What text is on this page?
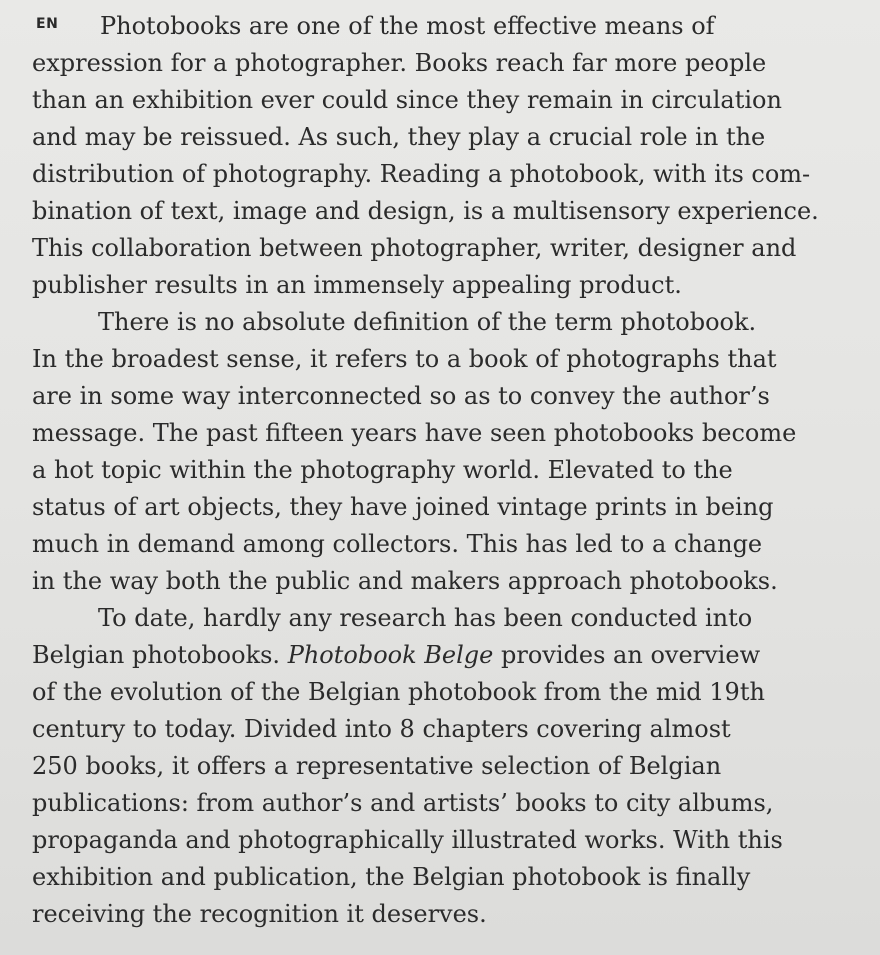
EN	Photobooks are one of the most effective means of
expression for a photographer. Books reach far more people
than an exhibition ever could since they remain in circulation
and may be reissued. As such, they play a crucial role in the
distribution of photography. Reading a photobook, with its com-
bination of text, image and design, is a multisensory experience.
This collaboration between photographer, writer, designer and
publisher results in an immensely appealing product.
There is no absolute definition of the term photobook.
In the broadest sense, it refers to a book of photographs that
are in some way interconnected so as to convey the author’s
message. The past fifteen years have seen photobooks become
a hot topic within the photography world. Elevated to the
status of art objects, they have joined vintage prints in being
much in demand among collectors. This has led to a change
in the way both the public and makers approach photobooks.
To date, hardly any research has been conducted into
Belgian photobooks. Photobook Belge provides an overview
of the evolution of the Belgian photobook from the mid 19th
century to today. Divided into 8 chapters covering almost
250 books, it offers a representative selection of Belgian
publications: from author’s and artists’ books to city albums,
propaganda and photographically illustrated works. With this
exhibition and publication, the Belgian photobook is finally
receiving the recognition it deserves.
